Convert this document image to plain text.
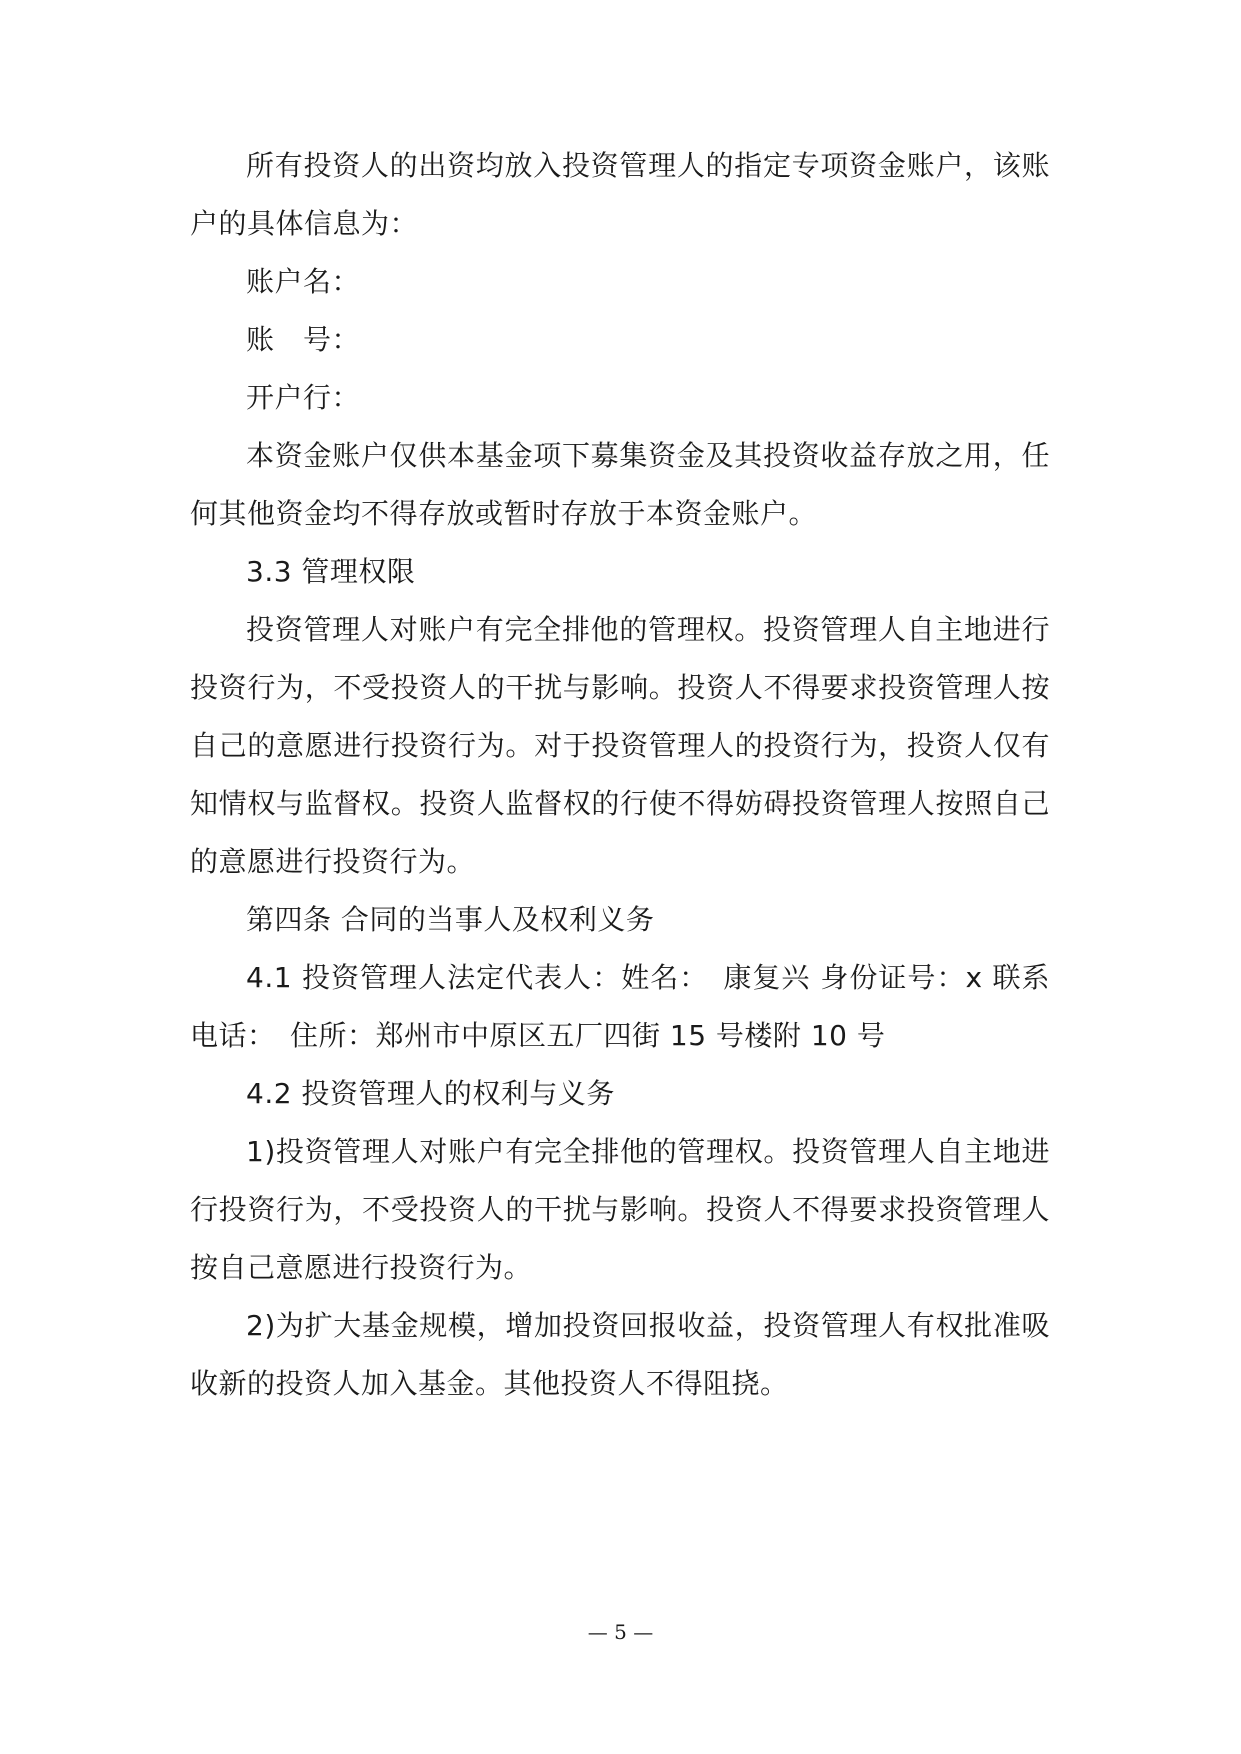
所有投资人的出资均放入投资管理人的指定专项资金账户，该账
户的具体信息为：
账户名：
账　号：
开户行：
本资金账户仅供本基金项下募集资金及其投资收益存放之用，任
何其他资金均不得存放或暂时存放于本资金账户。
3.3 管理权限
投资管理人对账户有完全排他的管理权。投资管理人自主地进行
投资行为，不受投资人的干扰与影响。投资人不得要求投资管理人按
自己的意愿进行投资行为。对于投资管理人的投资行为，投资人仅有
知情权与监督权。投资人监督权的行使不得妨碍投资管理人按照自己
的意愿进行投资行为。
第四条 合同的当事人及权利义务
4.1 投资管理人法定代表人：姓名：　康复兴 身份证号：x 联系
电话：　住所：郑州市中原区五厂四街 15 号楼附 10 号
4.2 投资管理人的权利与义务
1)投资管理人对账户有完全排他的管理权。投资管理人自主地进
行投资行为，不受投资人的干扰与影响。投资人不得要求投资管理人
按自己意愿进行投资行为。
2)为扩大基金规模，增加投资回报收益，投资管理人有权批准吸
收新的投资人加入基金。其他投资人不得阻挠。
— 5 —
